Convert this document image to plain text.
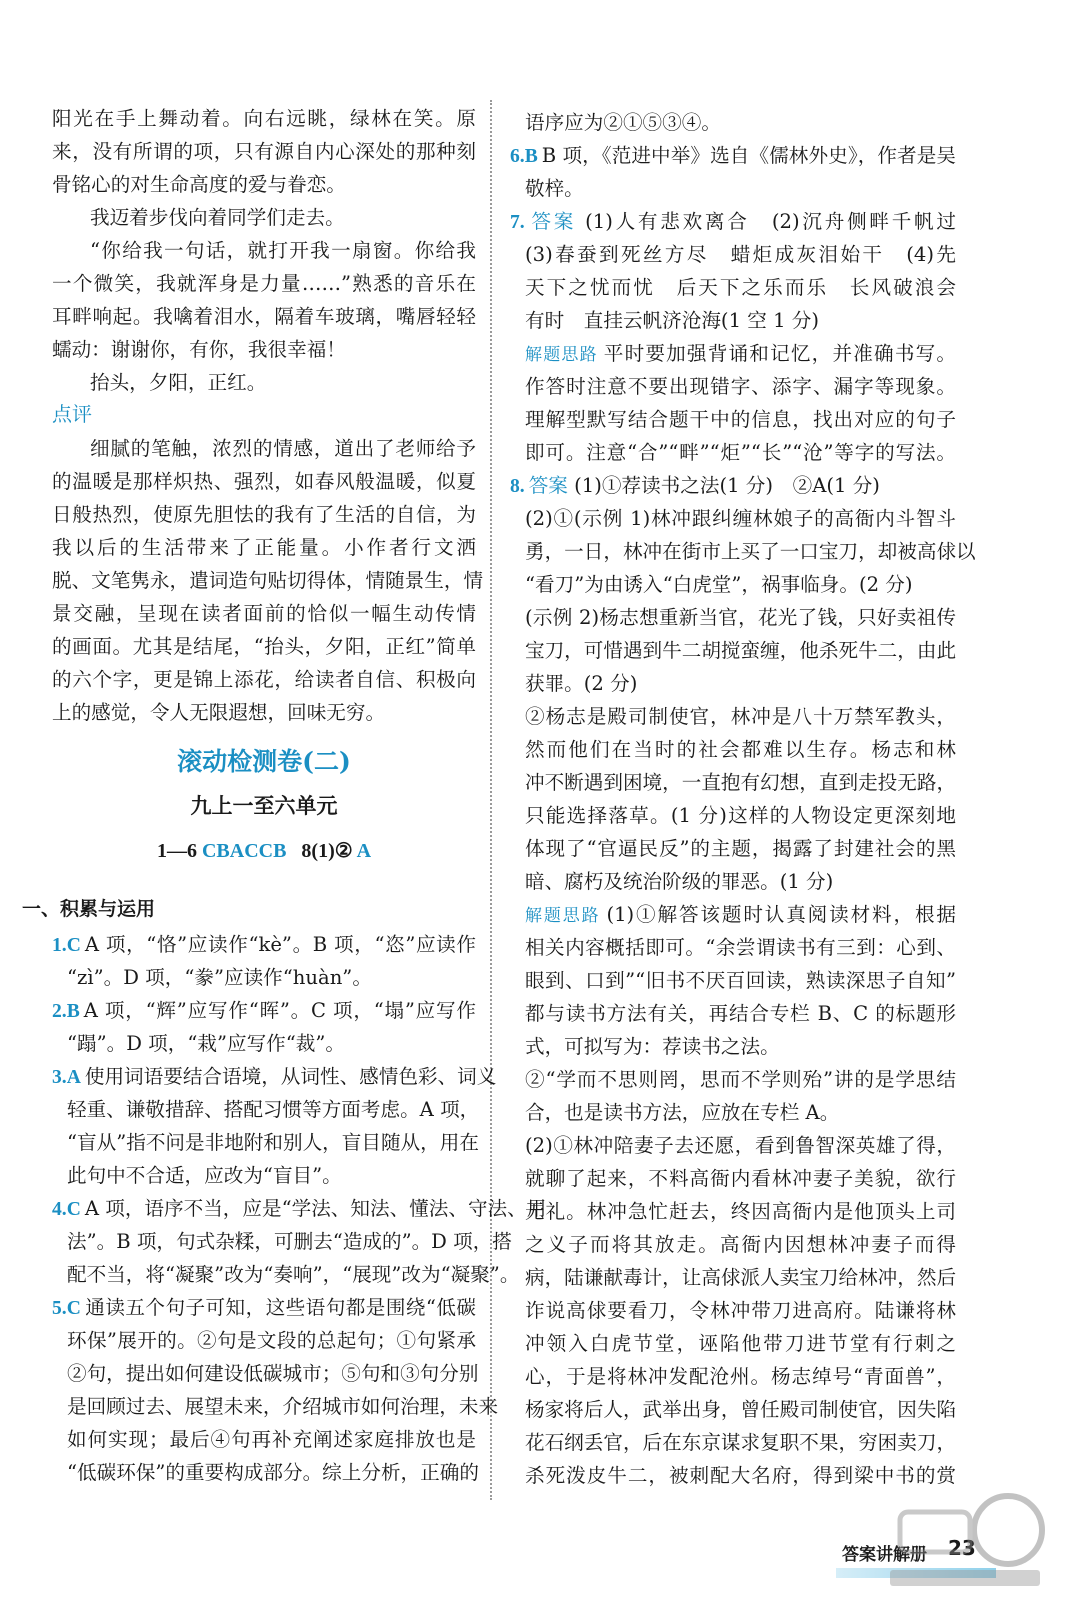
阳光在手上舞动着。向右远眺，绿林在笑。原
来，没有所谓的项，只有源自内心深处的那种刻
骨铭心的对生命高度的爱与眷恋。
我迈着步伐向着同学们走去。
“你给我一句话，就打开我一扇窗。你给我
一个微笑，我就浑身是力量……”熟悉的音乐在
耳畔响起。我噙着泪水，隔着车玻璃，嘴唇轻轻
蠕动：谢谢你，有你，我很幸福！
抬头，夕阳，正红。
点评
细腻的笔触，浓烈的情感，道出了老师给予
的温暖是那样炽热、强烈，如春风般温暖，似夏
日般热烈，使原先胆怯的我有了生活的自信，为
我以后的生活带来了正能量。小作者行文洒
脱、文笔隽永，遣词造句贴切得体，情随景生，情
景交融，呈现在读者面前的恰似一幅生动传情
的画面。尤其是结尾，“抬头，夕阳，正红”简单
的六个字，更是锦上添花，给读者自信、积极向
上的感觉，令人无限遐想，回味无穷。
滚动检测卷(二)
九上一至六单元
1—6 CBACCB 8(1)② A
一、积累与运用
1.C A 项，“恪”应读作“kè”。B 项，“恣”应读作
“zì”。D 项，“豢”应读作“huàn”。
2.B A 项，“辉”应写作“晖”。C 项，“塌”应写作
“蹋”。D 项，“栽”应写作“裁”。
3.A 使用词语要结合语境，从词性、感情色彩、词义
轻重、谦敬措辞、搭配习惯等方面考虑。A 项，
“盲从”指不问是非地附和别人，盲目随从，用在
此句中不合适，应改为“盲目”。
4.C A 项，语序不当，应是“学法、知法、懂法、守法、用
法”。B 项，句式杂糅，可删去“造成的”。D 项，搭
配不当，将“凝聚”改为“奏响”，“展现”改为“凝聚”。
5.C 通读五个句子可知，这些语句都是围绕“低碳
环保”展开的。②句是文段的总起句；①句紧承
②句，提出如何建设低碳城市；⑤句和③句分别
是回顾过去、展望未来，介绍城市如何治理，未来
如何实现；最后④句再补充阐述家庭排放也是
“低碳环保”的重要构成部分。综上分析，正确的
语序应为②①⑤③④。
6.B B 项，《范进中举》选自《儒林外史》，作者是吴
敬梓。
7. 答案 (1)人有悲欢离合　(2)沉舟侧畔千帆过
(3)春蚕到死丝方尽　蜡炬成灰泪始干　(4)先
天下之忧而忧　后天下之乐而乐　长风破浪会
有时　直挂云帆济沧海(1 空 1 分)
解题思路 平时要加强背诵和记忆，并准确书写。
作答时注意不要出现错字、添字、漏字等现象。
理解型默写结合题干中的信息，找出对应的句子
即可。注意“合”“畔”“炬”“长”“沧”等字的写法。
8. 答案 (1)①荐读书之法(1 分)　②A(1 分)
(2)①(示例 1)林冲跟纠缠林娘子的高衙内斗智斗
勇，一日，林冲在街市上买了一口宝刀，却被高俅以
“看刀”为由诱入“白虎堂”，祸事临身。(2 分)
(示例 2)杨志想重新当官，花光了钱，只好卖祖传
宝刀，可惜遇到牛二胡搅蛮缠，他杀死牛二，由此
获罪。(2 分)
②杨志是殿司制使官，林冲是八十万禁军教头，
然而他们在当时的社会都难以生存。杨志和林
冲不断遇到困境，一直抱有幻想，直到走投无路，
只能选择落草。(1 分)这样的人物设定更深刻地
体现了“官逼民反”的主题，揭露了封建社会的黑
暗、腐朽及统治阶级的罪恶。(1 分)
解题思路 (1)①解答该题时认真阅读材料，根据
相关内容概括即可。“余尝谓读书有三到：心到、
眼到、口到”“旧书不厌百回读，熟读深思子自知”
都与读书方法有关，再结合专栏 B、C 的标题形
式，可拟写为：荐读书之法。
②“学而不思则罔，思而不学则殆”讲的是学思结
合，也是读书方法，应放在专栏 A。
(2)①林冲陪妻子去还愿，看到鲁智深英雄了得，
就聊了起来，不料高衙内看林冲妻子美貌，欲行
无礼。林冲急忙赶去，终因高衙内是他顶头上司
之义子而将其放走。高衙内因想林冲妻子而得
病，陆谦献毒计，让高俅派人卖宝刀给林冲，然后
诈说高俅要看刀，令林冲带刀进高府。陆谦将林
冲领入白虎节堂，诬陷他带刀进节堂有行刺之
心，于是将林冲发配沧州。杨志绰号“青面兽”，
杨家将后人，武举出身，曾任殿司制使官，因失陷
花石纲丢官，后在东京谋求复职不果，穷困卖刀，
杀死泼皮牛二，被刺配大名府，得到梁中书的赏
答案讲解册 23
